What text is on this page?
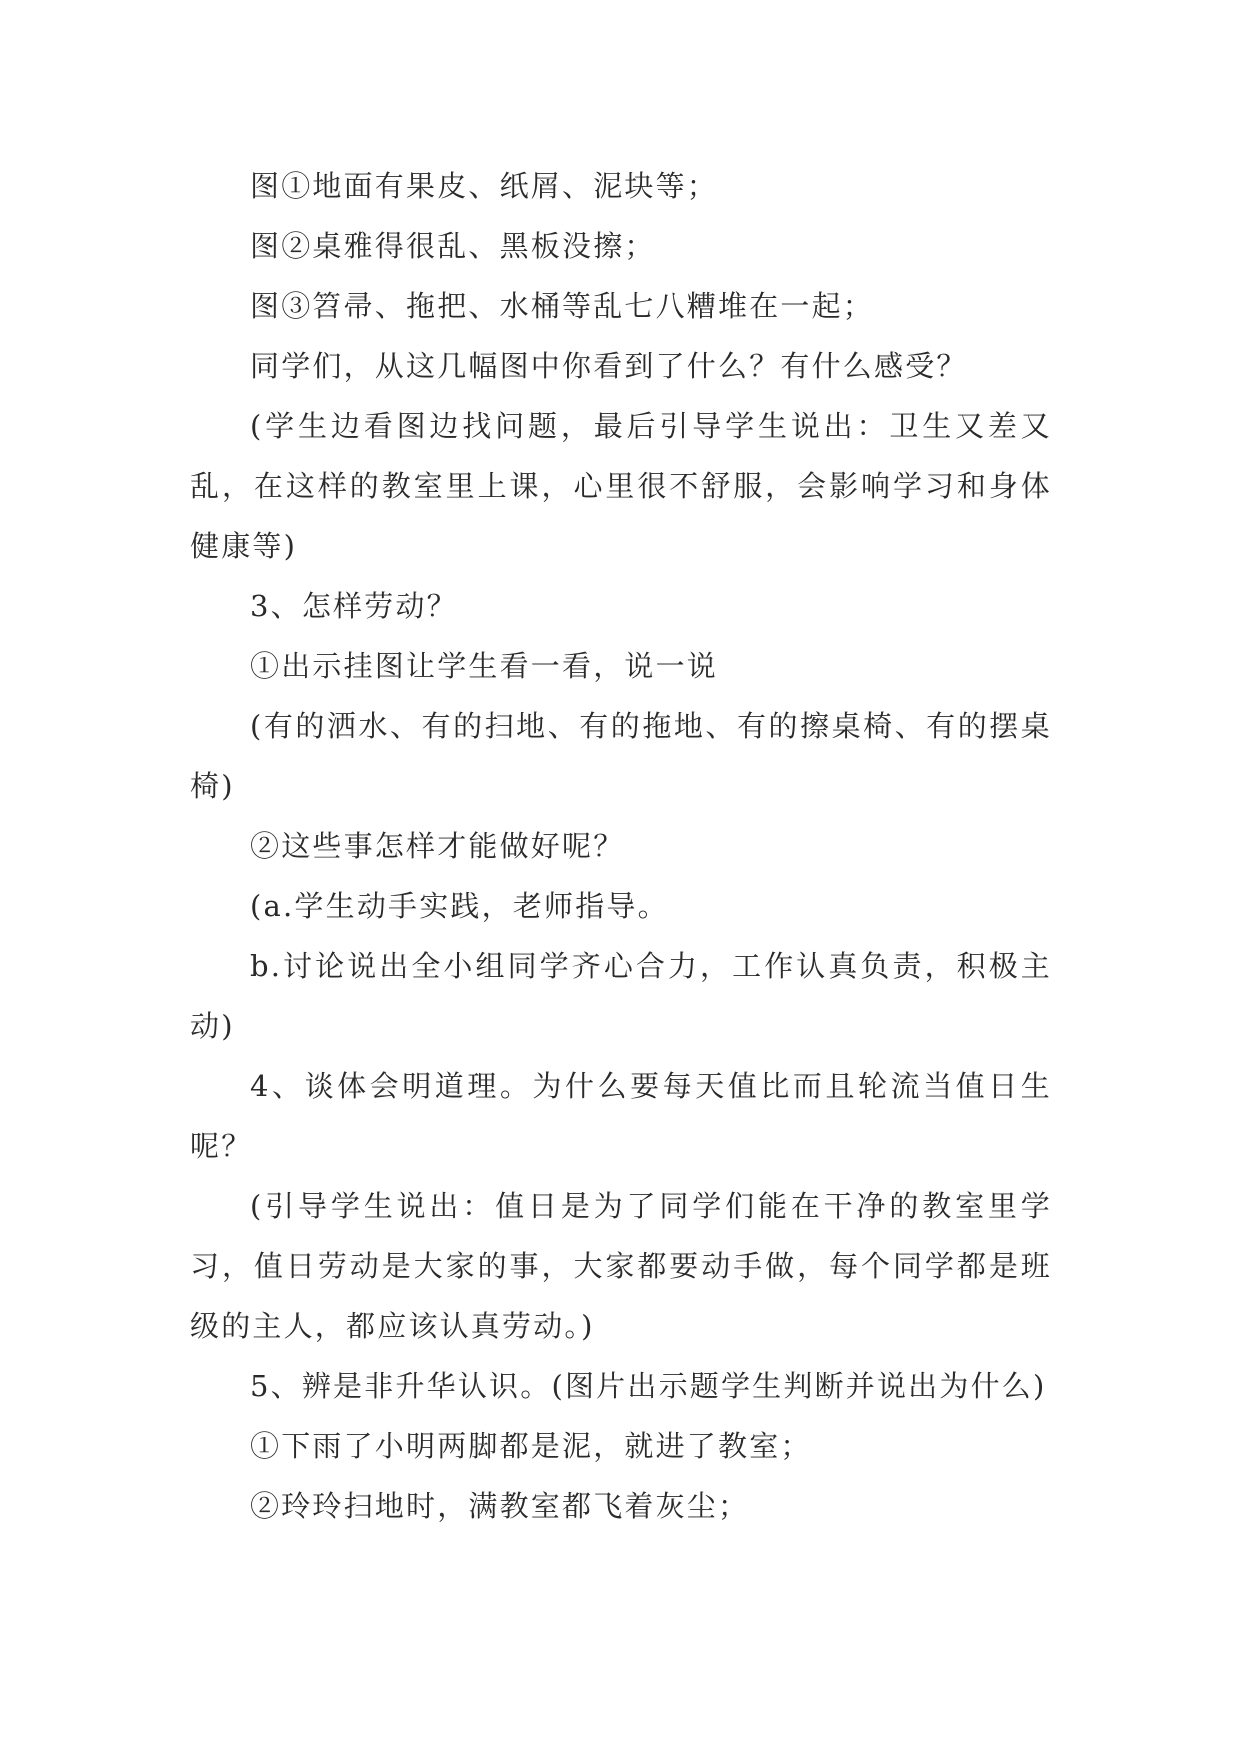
图①地面有果皮、纸屑、泥块等；

图②桌雅得很乱、黑板没擦；

图③笤帚、拖把、水桶等乱七八糟堆在一起；

同学们，从这几幅图中你看到了什么？有什么感受？

(学生边看图边找问题，最后引导学生说出：卫生又差又乱，在这样的教室里上课，心里很不舒服，会影响学习和身体健康等)

3、怎样劳动？

①出示挂图让学生看一看，说一说

(有的洒水、有的扫地、有的拖地、有的擦桌椅、有的摆桌椅)

②这些事怎样才能做好呢？

(a.学生动手实践，老师指导。

b.讨论说出全小组同学齐心合力，工作认真负责，积极主动)

4、谈体会明道理。为什么要每天值比而且轮流当值日生呢？

(引导学生说出：值日是为了同学们能在干净的教室里学习，值日劳动是大家的事，大家都要动手做，每个同学都是班级的主人，都应该认真劳动。)

5、辨是非升华认识。(图片出示题学生判断并说出为什么)

①下雨了小明两脚都是泥，就进了教室；

②玲玲扫地时，满教室都飞着灰尘；
